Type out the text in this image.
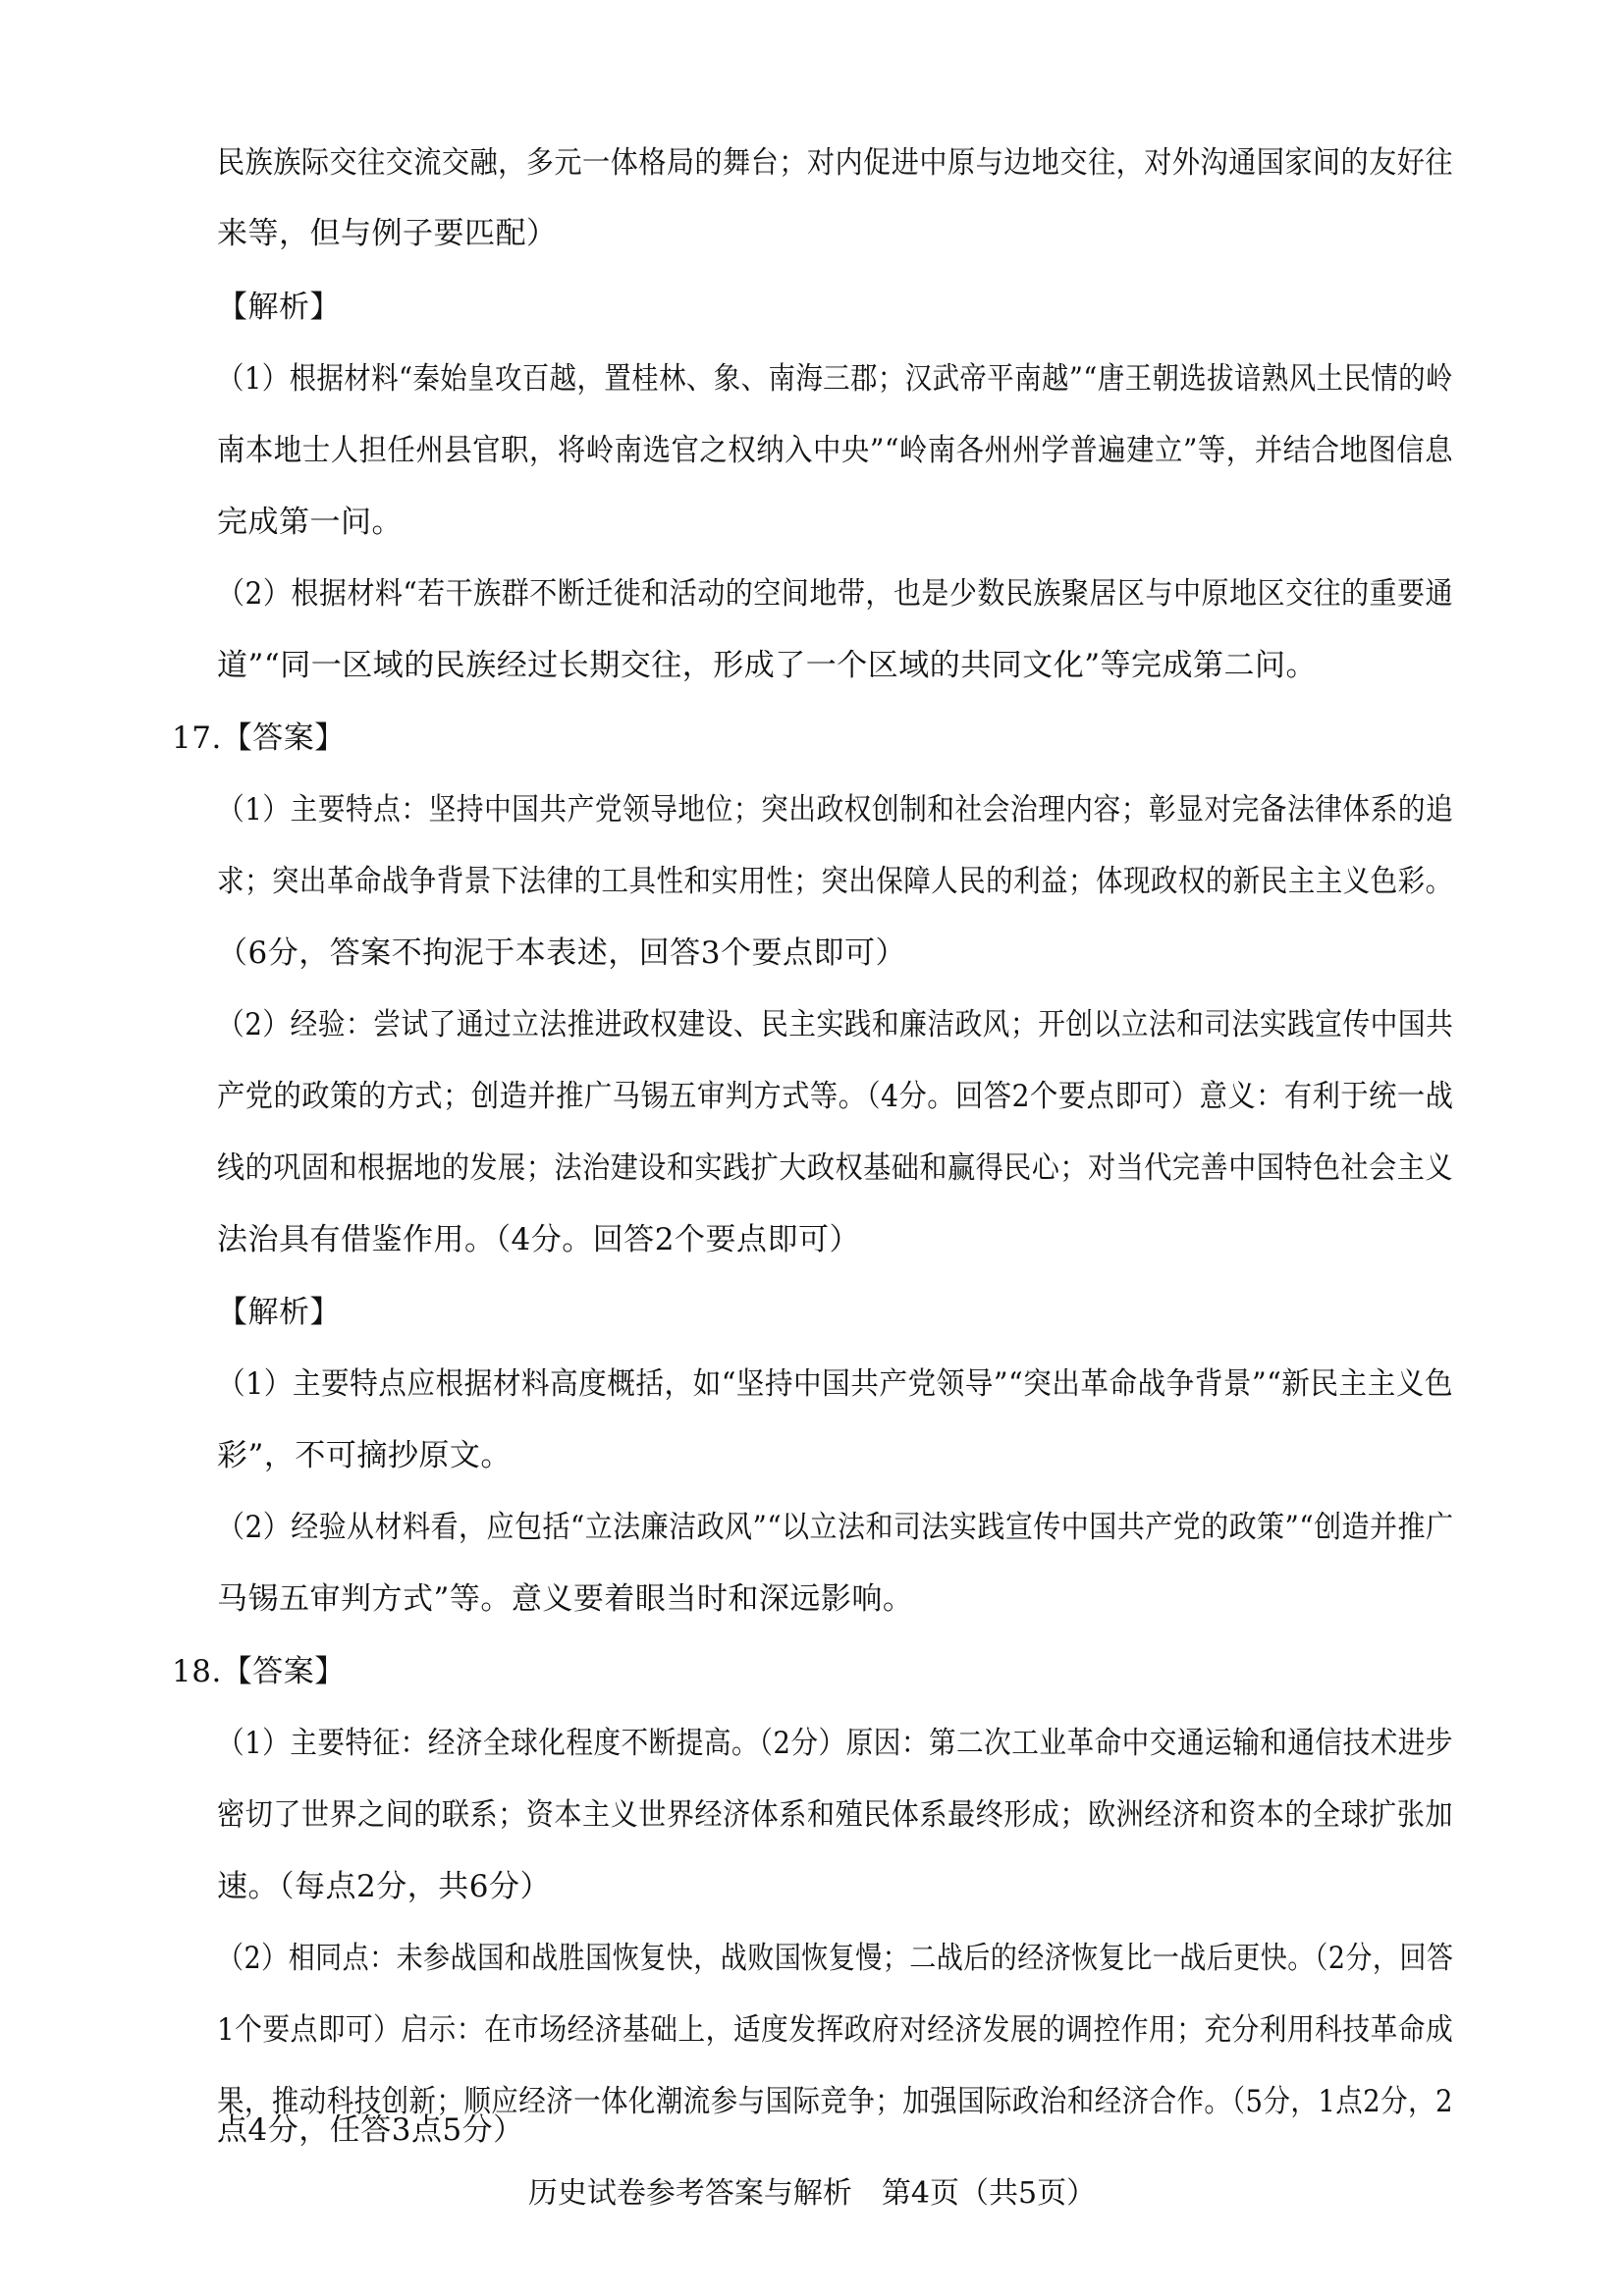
民族族际交往交流交融，多元一体格局的舞台；对内促进中原与边地交往，对外沟通国家间的友好往
来等，但与例子要匹配）
【解析】
（1）根据材料“秦始皇攻百越，置桂林、象、南海三郡；汉武帝平南越”“唐王朝选拔谙熟风土民情的岭
南本地士人担任州县官职，将岭南选官之权纳入中央”“岭南各州州学普遍建立”等，并结合地图信息
完成第一问。
（2）根据材料“若干族群不断迁徙和活动的空间地带，也是少数民族聚居区与中原地区交往的重要通
道”“同一区域的民族经过长期交往，形成了一个区域的共同文化”等完成第二问。
17.【答案】
（1）主要特点：坚持中国共产党领导地位；突出政权创制和社会治理内容；彰显对完备法律体系的追
求；突出革命战争背景下法律的工具性和实用性；突出保障人民的利益；体现政权的新民主主义色彩。
（6分，答案不拘泥于本表述，回答3个要点即可）
（2）经验：尝试了通过立法推进政权建设、民主实践和廉洁政风；开创以立法和司法实践宣传中国共
产党的政策的方式；创造并推广马锡五审判方式等。（4分。回答2个要点即可）意义：有利于统一战
线的巩固和根据地的发展；法治建设和实践扩大政权基础和赢得民心；对当代完善中国特色社会主义
法治具有借鉴作用。（4分。回答2个要点即可）
【解析】
（1）主要特点应根据材料高度概括，如“坚持中国共产党领导”“突出革命战争背景”“新民主主义色
彩”，不可摘抄原文。
（2）经验从材料看，应包括“立法廉洁政风”“以立法和司法实践宣传中国共产党的政策”“创造并推广
马锡五审判方式”等。意义要着眼当时和深远影响。
18.【答案】
（1）主要特征：经济全球化程度不断提高。（2分）原因：第二次工业革命中交通运输和通信技术进步
密切了世界之间的联系；资本主义世界经济体系和殖民体系最终形成；欧洲经济和资本的全球扩张加
速。（每点2分，共6分）
（2）相同点：未参战国和战胜国恢复快，战败国恢复慢；二战后的经济恢复比一战后更快。（2分，回答
1个要点即可）启示：在市场经济基础上，适度发挥政府对经济发展的调控作用；充分利用科技革命成
果，推动科技创新；顺应经济一体化潮流参与国际竞争；加强国际政治和经济合作。（5分，1点2分，2
点4分，任答3点5分）
历史试卷参考答案与解析　第4页（共5页）
